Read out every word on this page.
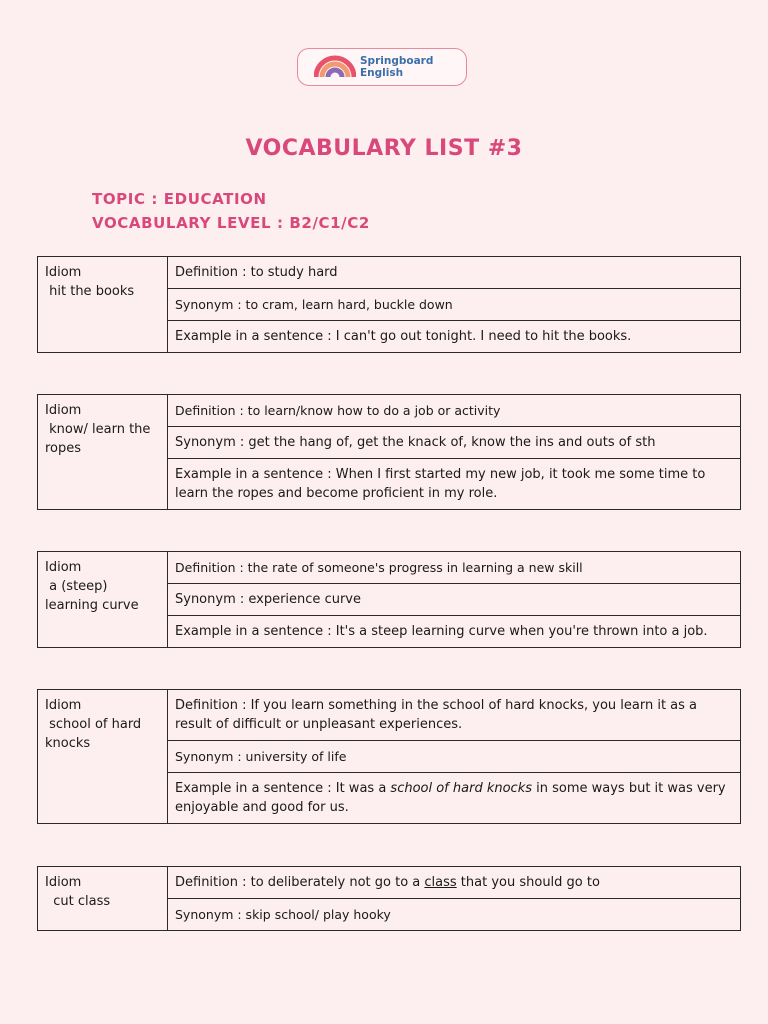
Springboard
English
VOCABULARY LIST #3
TOPIC : EDUCATION
VOCABULARY LEVEL : B2/C1/C2
Idiom
hit the books
	Definition : to study hard
Synonym : to cram, learn hard, buckle down
Example in a sentence : I can't go out tonight. I need to hit the books.
Idiom
know/ learn the ropes
	Definition : to learn/know how to do a job or activity
Synonym : get the hang of, get the knack of, know the ins and outs of sth
Example in a sentence : When I first started my new job, it took me some time to learn the ropes and become proficient in my role.
Idiom
a (steep) learning curve
	Definition : the rate of someone's progress in learning a new skill
Synonym : experience curve
Example in a sentence : It's a steep learning curve when you're thrown into a job.
Idiom
school of hard knocks
	Definition : If you learn something in the school of hard knocks, you learn it as a result of difficult or unpleasant experiences.
Synonym : university of life
Example in a sentence : It was a school of hard knocks in some ways but it was very enjoyable and good for us.
Idiom
cut class
	Definition : to deliberately not go to a class that you should go to
Synonym : skip school/ play hooky
